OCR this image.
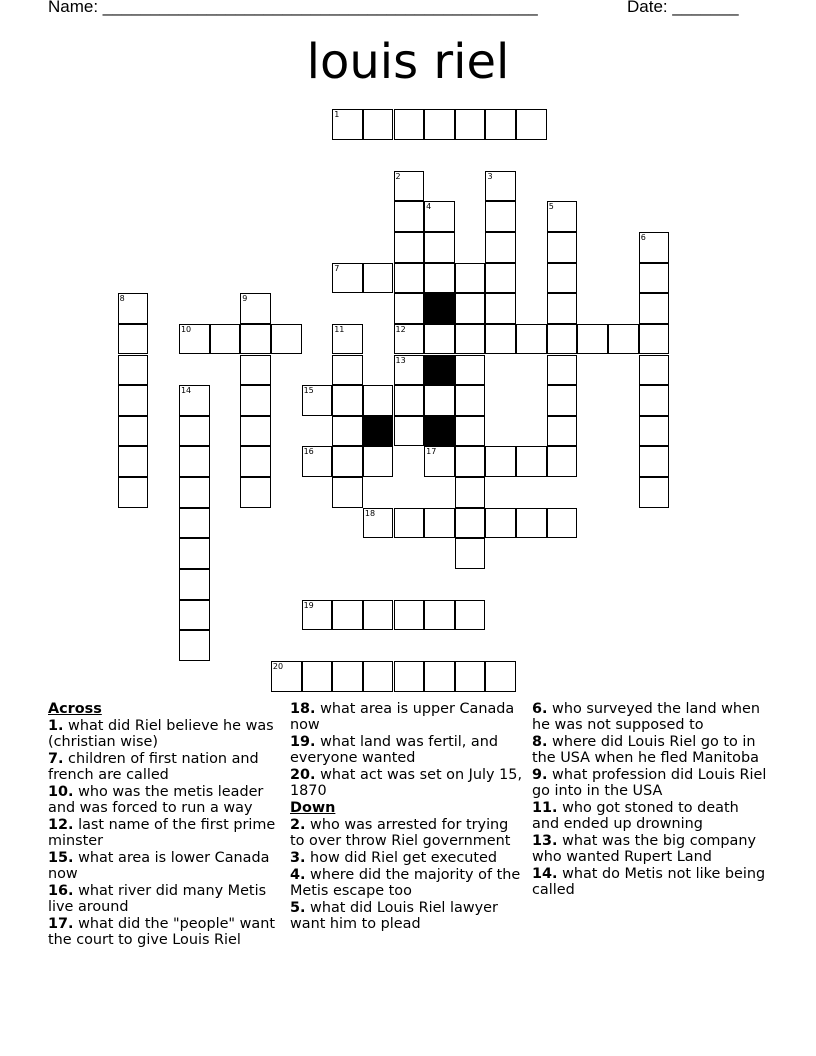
Name: ______________________________________________	Date: _______
louis riel
1
2	3
4	5
6
7
8	9
10	11	12
13
14	15
16	17
18
19
20
Across
1. what did Riel believe he was (christian wise)
7. children of first nation and french are called
10. who was the metis leader and was forced to run a way
12. last name of the first prime minster
15. what area is lower Canada now
16. what river did many Metis live around
17. what did the "people" want the court to give Louis Riel
18. what area is upper Canada now
19. what land was fertil, and everyone wanted
20. what act was set on July 15, 1870
Down
2. who was arrested for trying to over throw Riel government
3. how did Riel get executed
4. where did the majority of the Metis escape too
5. what did Louis Riel lawyer want him to plead
6. who surveyed the land when he was not supposed to
8. where did Louis Riel go to in the USA when he fled Manitoba
9. what profession did Louis Riel go into in the USA
11. who got stoned to death and ended up drowning
13. what was the big company who wanted Rupert Land
14. what do Metis not like being called
